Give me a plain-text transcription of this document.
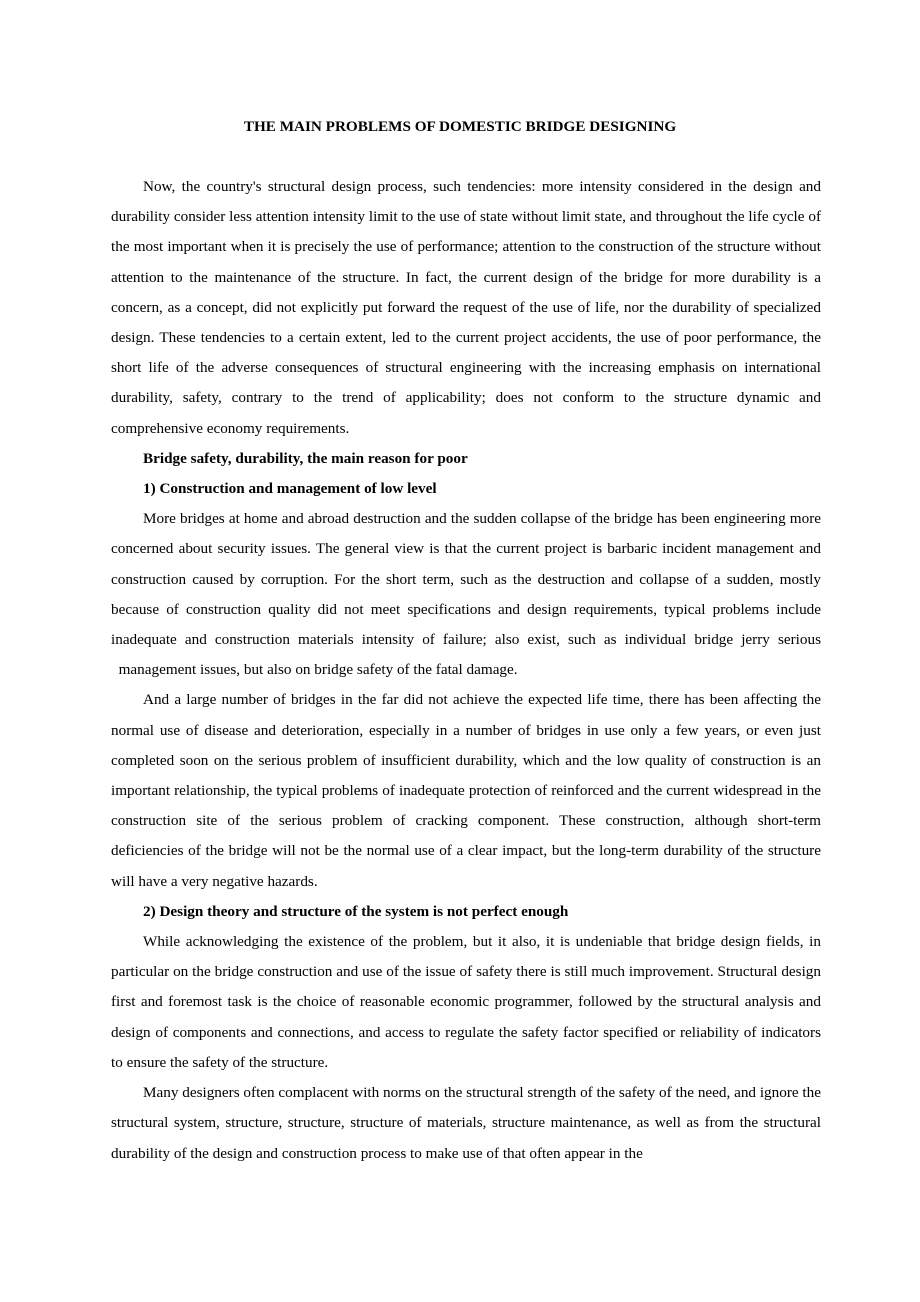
THE MAIN PROBLEMS OF DOMESTIC BRIDGE DESIGNING

Now, the country's structural design process, such tendencies: more intensity considered in the design and durability consider less attention intensity limit to the use of state without limit state, and throughout the life cycle of the most important when it is precisely the use of performance; attention to the construction of the structure without attention to the maintenance of the structure. In fact, the current design of the bridge for more durability is a concern, as a concept, did not explicitly put forward the request of the use of life, nor the durability of specialized design. These tendencies to a certain extent, led to the current project accidents, the use of poor performance, the short life of the adverse consequences of structural engineering with the increasing emphasis on international durability, safety, contrary to the trend of applicability; does not conform to the structure dynamic and comprehensive economy requirements.

Bridge safety, durability, the main reason for poor

1) Construction and management of low level

More bridges at home and abroad destruction and the sudden collapse of the bridge has been engineering more concerned about security issues. The general view is that the current project is barbaric incident management and construction caused by corruption. For the short term, such as the destruction and collapse of a sudden, mostly because of construction quality did not meet specifications and design requirements, typical problems include inadequate and construction materials intensity of failure; also exist, such as individual bridge jerry serious   management issues, but also on bridge safety of the fatal damage.

And a large number of bridges in the far did not achieve the expected life time, there has been affecting the normal use of disease and deterioration, especially in a number of bridges in use only a few years, or even just completed soon on the serious problem of insufficient durability, which and the low quality of construction is an important relationship, the typical problems of inadequate protection of reinforced and the current widespread in the construction site of the serious problem of cracking component. These construction, although short-term deficiencies of the bridge will not be the normal use of a clear impact, but the long-term durability of the structure will have a very negative hazards.

2) Design theory and structure of the system is not perfect enough

While acknowledging the existence of the problem, but it also, it is undeniable that bridge design fields, in particular on the bridge construction and use of the issue of safety there is still much improvement. Structural design first and foremost task is the choice of reasonable economic programmer, followed by the structural analysis and design of components and connections, and access to regulate the safety factor specified or reliability of indicators to ensure the safety of the structure.

Many designers often complacent with norms on the structural strength of the safety of the need, and ignore the structural system, structure, structure, structure of materials, structure maintenance, as well as from the structural durability of the design and construction process to make use of that often appear in the
